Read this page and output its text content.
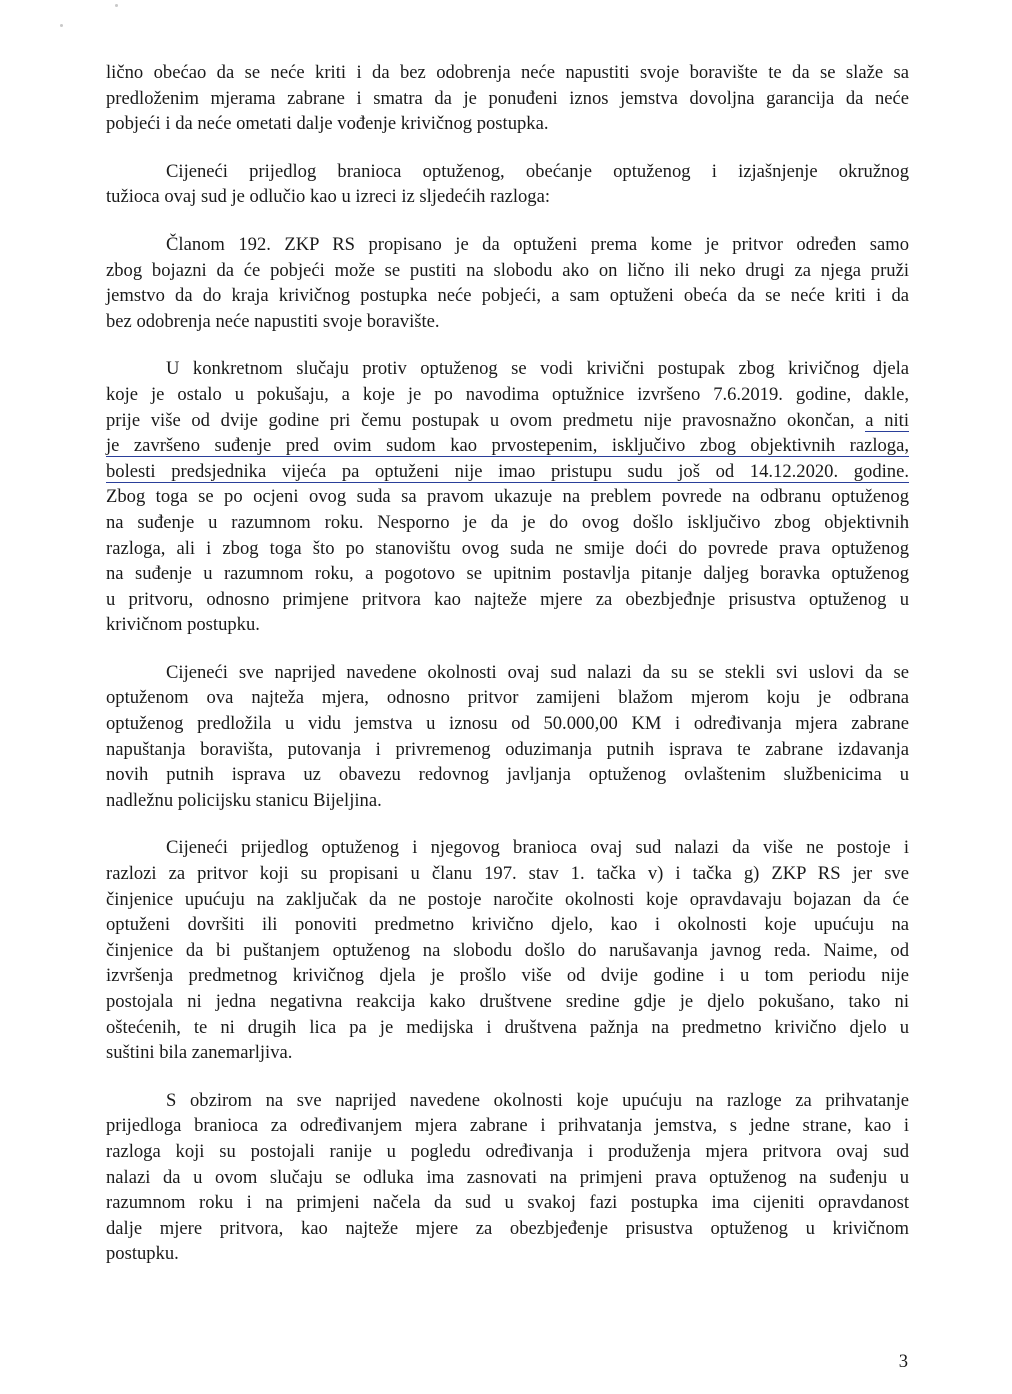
lično obećao da se neće kriti i da bez odobrenja neće napustiti svoje boravište te da se slaže sa
predloženim mjerama zabrane i smatra da je ponuđeni iznos jemstva dovoljna garancija da neće
pobjeći i da neće ometati dalje vođenje krivičnog postupka.

Cijeneći prijedlog branioca optuženog, obećanje optuženog i izjašnjenje okružnog
tužioca ovaj sud je odlučio kao u izreci iz sljedećih razloga:

Članom 192. ZKP RS propisano je da optuženi prema kome je pritvor određen samo
zbog bojazni da će pobjeći može se pustiti na slobodu ako on lično ili neko drugi za njega pruži
jemstvo da do kraja krivičnog postupka neće pobjeći, a sam optuženi obeća da se neće kriti i da
bez odobrenja neće napustiti svoje boravište.

U konkretnom slučaju protiv optuženog se vodi krivični postupak zbog krivičnog djela
koje je ostalo u pokušaju, a koje je po navodima optužnice izvršeno 7.6.2019. godine, dakle,
prije više od dvije godine pri čemu postupak u ovom predmetu nije pravosnažno okončan, a niti
je završeno suđenje pred ovim sudom kao prvostepenim, isključivo zbog objektivnih razloga,
bolesti predsjednika vijeća pa optuženi nije imao pristupu sudu još od 14.12.2020. godine.
Zbog toga se po ocjeni ovog suda sa pravom ukazuje na preblem povrede na odbranu optuženog
na suđenje u razumnom roku. Nesporno je da je do ovog došlo isključivo zbog objektivnih
razloga, ali i zbog toga što po stanovištu ovog suda ne smije doći do povrede prava optuženog
na suđenje u razumnom roku, a pogotovo se upitnim postavlja pitanje daljeg boravka optuženog
u pritvoru, odnosno primjene pritvora kao najteže mjere za obezbjeđnje prisustva optuženog u
krivičnom postupku.

Cijeneći sve naprijed navedene okolnosti ovaj sud nalazi da su se stekli svi uslovi da se
optuženom ova najteža mjera, odnosno pritvor zamijeni blažom mjerom koju je odbrana
optuženog predložila u vidu jemstva u iznosu od 50.000,00 KM i određivanja mjera zabrane
napuštanja boravišta, putovanja i privremenog oduzimanja putnih isprava te zabrane izdavanja
novih putnih isprava uz obavezu redovnog javljanja optuženog ovlaštenim službenicima u
nadležnu policijsku stanicu Bijeljina.

Cijeneći prijedlog optuženog i njegovog branioca ovaj sud nalazi da više ne postoje i
razlozi za pritvor koji su propisani u članu 197. stav 1. tačka v) i tačka g) ZKP RS jer sve
činjenice upućuju na zaključak da ne postoje naročite okolnosti koje opravdavaju bojazan da će
optuženi dovršiti ili ponoviti predmetno krivično djelo, kao i okolnosti koje upućuju na
činjenice da bi puštanjem optuženog na slobodu došlo do narušavanja javnog reda. Naime, od
izvršenja predmetnog krivičnog djela je prošlo više od dvije godine i u tom periodu nije
postojala ni jedna negativna reakcija kako društvene sredine gdje je djelo pokušano, tako ni
oštećenih, te ni drugih lica pa je medijska i društvena pažnja na predmetno krivično djelo u
suštini bila zanemarljiva.

S obzirom na sve naprijed navedene okolnosti koje upućuju na razloge za prihvatanje
prijedloga branioca za određivanjem mjera zabrane i prihvatanja jemstva, s jedne strane, kao i
razloga koji su postojali ranije u pogledu određivanja i produženja mjera pritvora ovaj sud
nalazi da u ovom slučaju se odluka ima zasnovati na primjeni prava optuženog na suđenju u
razumnom roku i na primjeni načela da sud u svakoj fazi postupka ima cijeniti opravdanost
dalje mjere pritvora, kao najteže mjere za obezbjeđenje prisustva optuženog u krivičnom
postupku.

3
